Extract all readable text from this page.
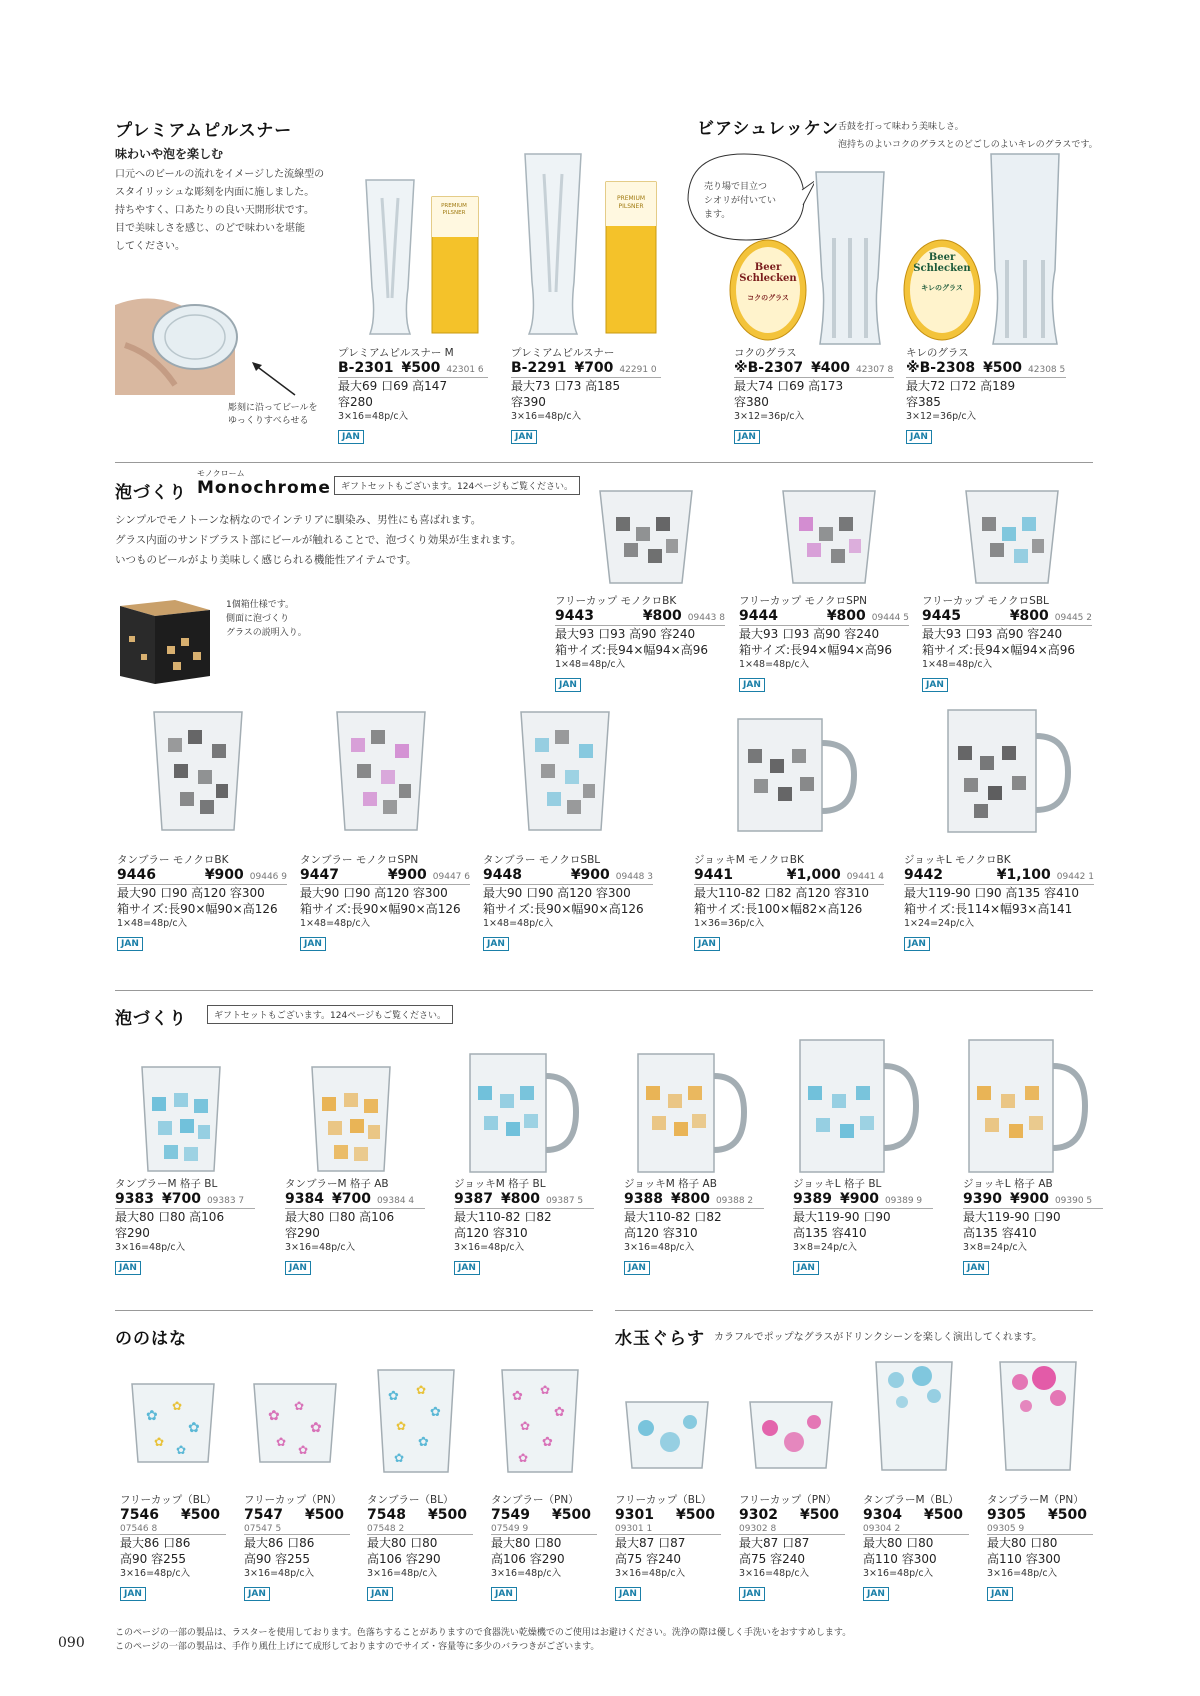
プレミアムピルスナー
味わいや泡を楽しむ
口元へのビールの流れをイメージした流線型の
スタイリッシュな彫刻を内面に施しました。
持ちやすく、口あたりの良い天開形状です。
目で美味しさを感じ、のどで味わいを堪能
してください。
彫刻に沿ってビールを
ゆっくりすべらせる
PREMIUM
PILSNER
PREMIUM
PILSNER
プレミアムピルスナー M
B-2301 ¥500 42301 6
最大69 口69 高147
容280
3×16=48p/c入
JAN
プレミアムピルスナー
B-2291 ¥700 42291 0
最大73 口73 高185
容390
3×16=48p/c入
JAN
ビアシュレッケン 舌鼓を打って味わう美味しさ。
泡持ちのよいコクのグラスとのどごしのよいキレのグラスです。
売り場で目立つ
シオリが付いてい
ます。
Beer
Schlecken
コクのグラス
Beer
Schlecken
キレのグラス
コクのグラス
※B-2307 ¥400 42307 8
最大74 口69 高173
容380
3×12=36p/c入
JAN
キレのグラス
※B-2308 ¥500 42308 5
最大72 口72 高189
容385
3×12=36p/c入
JAN
モノクローム
泡づくり Monochrome	ギフトセットもございます。124ページもご覧ください。
シンプルでモノトーンな柄なのでインテリアに馴染み、男性にも喜ばれます。
グラス内面のサンドブラスト部にビールが触れることで、泡づくり効果が生まれます。
いつものビールがより美味しく感じられる機能性アイテムです。
1個箱仕様です。
側面に泡づくり
グラスの説明入り。
フリーカップ モノクロBK
9443	¥800 09443 8
最大93 口93 高90 容240
箱サイズ:長94×幅94×高96
1×48=48p/c入
JAN
フリーカップ モノクロSPN
9444	¥800 09444 5
最大93 口93 高90 容240
箱サイズ:長94×幅94×高96
1×48=48p/c入
JAN
フリーカップ モノクロSBL
9445	¥800 09445 2
最大93 口93 高90 容240
箱サイズ:長94×幅94×高96
1×48=48p/c入
JAN
タンブラー モノクロBK
9446	¥900 09446 9
最大90 口90 高120 容300
箱サイズ:長90×幅90×高126
1×48=48p/c入
JAN
タンブラー モノクロSPN
9447	¥900 09447 6
最大90 口90 高120 容300
箱サイズ:長90×幅90×高126
1×48=48p/c入
JAN
タンブラー モノクロSBL
9448	¥900 09448 3
最大90 口90 高120 容300
箱サイズ:長90×幅90×高126
1×48=48p/c入
JAN
ジョッキM モノクロBK
9441	¥1,000 09441 4
最大110-82 口82 高120 容310
箱サイズ:長100×幅82×高126
1×36=36p/c入
JAN
ジョッキL モノクロBK
9442	¥1,100 09442 1
最大119-90 口90 高135 容410
箱サイズ:長114×幅93×高141
1×24=24p/c入
JAN
泡づくり	ギフトセットもございます。124ページもご覧ください。
タンブラーM 格子 BL
9383 ¥700 09383 7
最大80 口80 高106
容290
3×16=48p/c入
JAN
タンブラーM 格子 AB
9384 ¥700 09384 4
最大80 口80 高106
容290
3×16=48p/c入
JAN
ジョッキM 格子 BL
9387 ¥800 09387 5
最大110-82 口82
高120 容310
3×16=48p/c入
JAN
ジョッキM 格子 AB
9388 ¥800 09388 2
最大110-82 口82
高120 容310
3×16=48p/c入
JAN
ジョッキL 格子 BL
9389 ¥900 09389 9
最大119-90 口90
高135 容410
3×8=24p/c入
JAN
ジョッキL 格子 AB
9390 ¥900 09390 5
最大119-90 口90
高135 容410
3×8=24p/c入
JAN
ののはな
✿
✿
✿
✿
✿
✿
✿
✿
✿
✿
✿ ✿
✿
✿
✿
✿
✿ ✿
✿
✿
✿
✿
フリーカップ（BL）
7546 ¥500
07546 8
最大86 口86
高90 容255
3×16=48p/c入
JAN
フリーカップ（PN）
7547 ¥500
07547 5
最大86 口86
高90 容255
3×16=48p/c入
JAN
タンブラー（BL）
7548 ¥500
07548 2
最大80 口80
高106 容290
3×16=48p/c入
JAN
タンブラー（PN）
7549 ¥500
07549 9
最大80 口80
高106 容290
3×16=48p/c入
JAN
水玉ぐらす カラフルでポップなグラスがドリンクシーンを楽しく演出してくれます。
フリーカップ（BL）
9301 ¥500
09301 1
最大87 口87
高75 容240
3×16=48p/c入
JAN
フリーカップ（PN）
9302 ¥500
09302 8
最大87 口87
高75 容240
3×16=48p/c入
JAN
タンブラーM（BL）
9304 ¥500
09304 2
最大80 口80
高110 容300
3×16=48p/c入
JAN
タンブラーM（PN）
9305 ¥500
09305 9
最大80 口80
高110 容300
3×16=48p/c入
JAN
090
このページの一部の製品は、ラスターを使用しております。色落ちすることがありますので食器洗い乾燥機でのご使用はお避けください。洗浄の際は優しく手洗いをおすすめします。
このページの一部の製品は、手作り風仕上げにて成形しておりますのでサイズ・容量等に多少のバラつきがございます。
